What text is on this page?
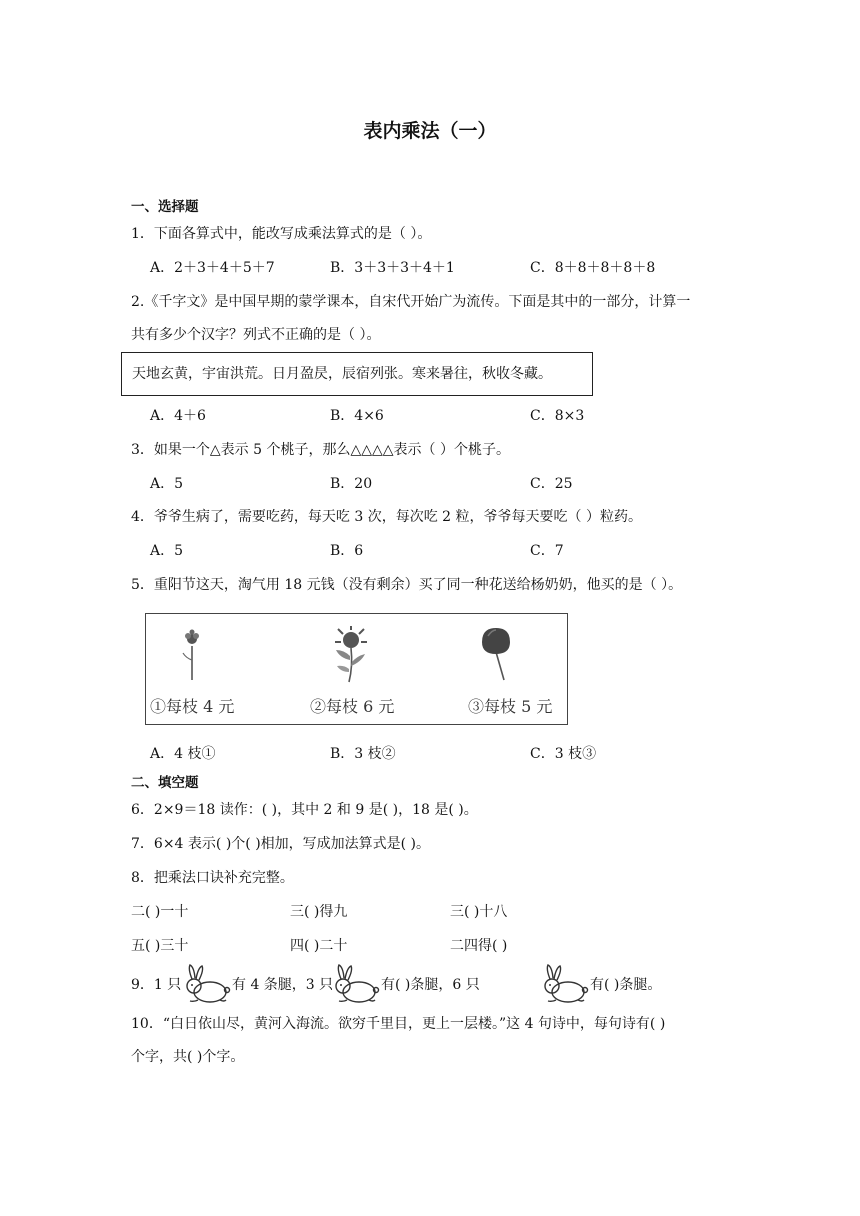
表内乘法（一）
一、选择题
1．下面各算式中，能改写成乘法算式的是（ ）。
A．2＋3＋4＋5＋7	B．3＋3＋3＋4＋1	C．8＋8＋8＋8＋8
2.《千字文》是中国早期的蒙学课本，自宋代开始广为流传。下面是其中的一部分，计算一
共有多少个汉字？列式不正确的是（ ）。
天地玄黄，宇宙洪荒。日月盈昃，辰宿列张。寒来暑往，秋收冬藏。
A．4＋6	B．4×6	C．8×3
3．如果一个△表示 5 个桃子，那么△△△△表示（ ）个桃子。
A．5	B．20	C．25
4．爷爷生病了，需要吃药，每天吃 3 次，每次吃 2 粒，爷爷每天要吃（ ）粒药。
A．5	B．6	C．7
5．重阳节这天，淘气用 18 元钱（没有剩余）买了同一种花送给杨奶奶，他买的是（ ）。
①每枝 4 元	②每枝 6 元	③每枝 5 元
A．4 枝①	B．3 枝②	C．3 枝③
二、填空题
6．2×9＝18 读作：( )，其中 2 和 9 是( )，18 是( )。
7．6×4 表示( )个( )相加，写成加法算式是( )。
8．把乘法口诀补充完整。
二( )一十	三( )得九	三( )十八
五( )三十	四( )二十	二四得( )
9．1 只	有 4 条腿，3 只	有( )条腿，6 只	有( )条腿。
10．“白日依山尽，黄河入海流。欲穷千里目，更上一层楼。”这 4 句诗中，每句诗有( )
个字，共( )个字。
